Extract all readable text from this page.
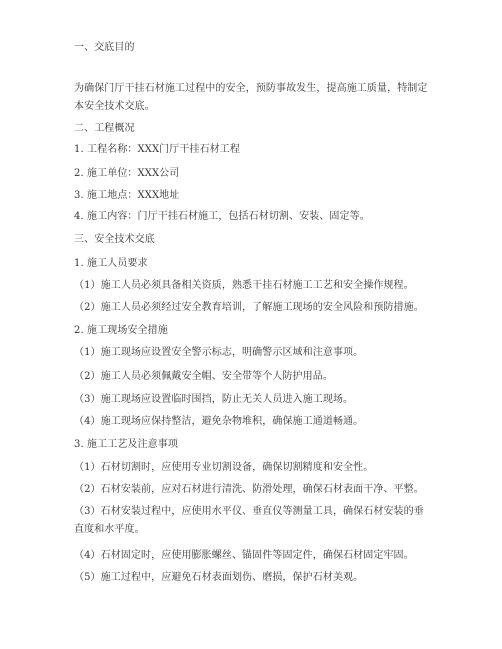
一、交底目的
为确保门厅干挂石材施工过程中的安全，预防事故发生，提高施工质量，特制定本安全技术交底。
二、工程概况
1. 工程名称：XXX门厅干挂石材工程
2. 施工单位：XXX公司
3. 施工地点：XXX地址
4. 施工内容：门厅干挂石材施工，包括石材切割、安装、固定等。
三、安全技术交底
1. 施工人员要求
（1）施工人员必须具备相关资质，熟悉干挂石材施工工艺和安全操作规程。
（2）施工人员必须经过安全教育培训，了解施工现场的安全风险和预防措施。
2. 施工现场安全措施
（1）施工现场应设置安全警示标志，明确警示区域和注意事项。
（2）施工人员必须佩戴安全帽、安全带等个人防护用品。
（3）施工现场应设置临时围挡，防止无关人员进入施工现场。
（4）施工现场应保持整洁，避免杂物堆积，确保施工通道畅通。
3. 施工工艺及注意事项
（1）石材切割时，应使用专业切割设备，确保切割精度和安全性。
（2）石材安装前，应对石材进行清洗、防滑处理，确保石材表面干净、平整。
（3）石材安装过程中，应使用水平仪、垂直仪等测量工具，确保石材安装的垂直度和水平度。
（4）石材固定时，应使用膨胀螺丝、锚固件等固定件，确保石材固定牢固。
（5）施工过程中，应避免石材表面划伤、磨损，保护石材美观。
